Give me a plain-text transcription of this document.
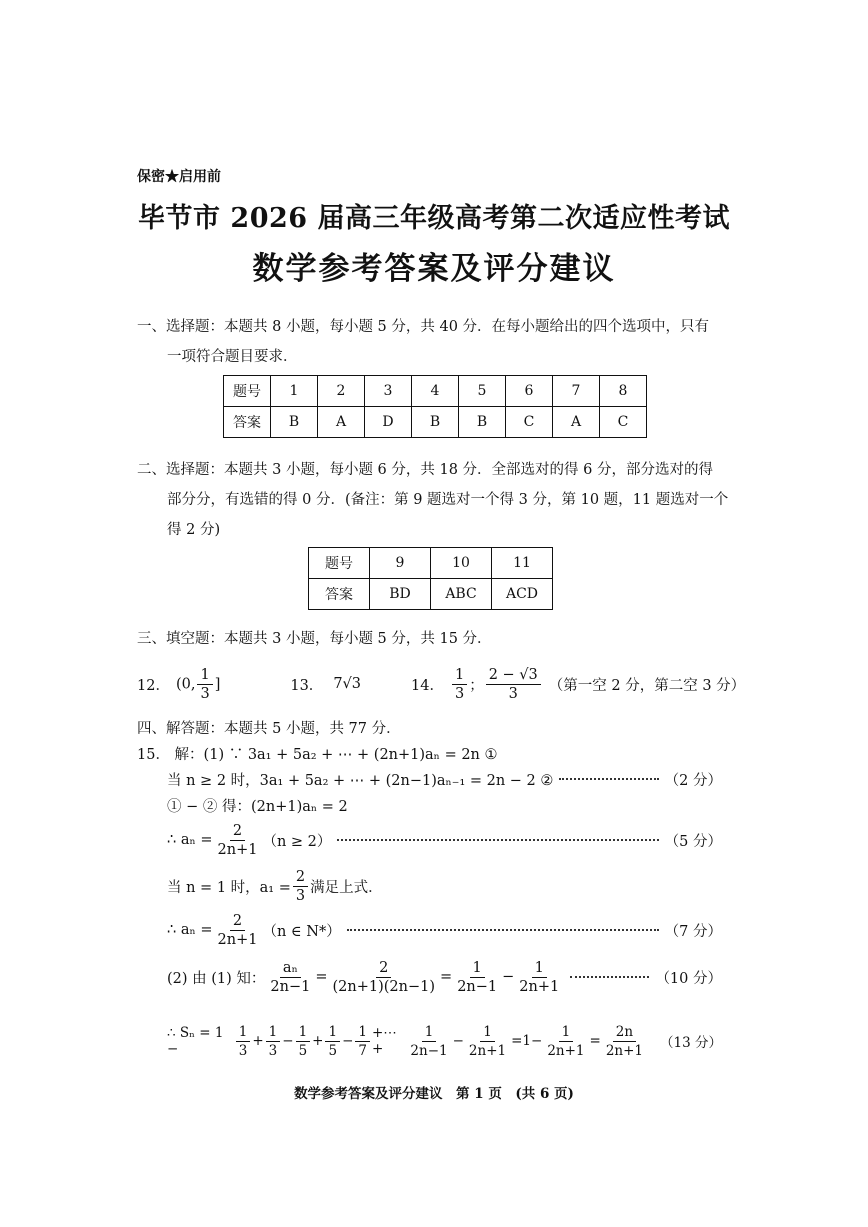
保密★启用前
毕节市 2026 届高三年级高考第二次适应性考试
数学参考答案及评分建议
一、选择题：本题共 8 小题，每小题 5 分，共 40 分．在每小题给出的四个选项中，只有
一项符合题目要求．
题号	1	2	3	4	5	6	7	8
答案	B	A	D	B	B	C	A	C
二、选择题：本题共 3 小题，每小题 6 分，共 18 分．全部选对的得 6 分，部分选对的得
部分分，有选错的得 0 分．(备注：第 9 题选对一个得 3 分，第 10 题，11 题选对一个
得 2 分)
题号	9	10	11
答案	BD	ABC	ACD
三、填空题：本题共 3 小题，每小题 5 分，共 15 分．
12． (0, $\frac{1}{3}$ ]	13． 7√3	14． $\frac{1}{3}$ ； $\frac{2 - √3}{3}$ （第一空 2 分，第二空 3 分）
四、解答题：本题共 5 小题，共 77 分．
15． 解：(1) ∵ 3a₁ + 5a₂ + ⋯ + (2n+1)aₙ = 2n ①
当 n ≥ 2 时，3a₁ + 5a₂ + ⋯ + (2n−1)aₙ₋₁ = 2n − 2 ②	（2 分）
① − ② 得：(2n+1)aₙ = 2
∴ $a_n = \frac{2}{2n+1} (n \ge 2)$	（5 分）
当 n = 1 时，$a_1 = \frac{2}{3}$ 满足上式．
∴ $a_n = \frac{2}{2n+1} (n$ ∈ N*）	（7 分）
(2) 由 (1) 知： $\frac{\text{aₙ}}{2n-1} = \frac{2}{(2n+1)(2n-1)} = \frac{1}{2n-1} - \frac{1}{2n+1}$	（10 分）
∴ Sₙ = 1 −	$\frac{1}{3} + \frac{1}{3} - \frac{1}{5} + \frac{1}{5} - \frac{1}{7}$ +⋯+	$\frac{1}{2n-1} - \frac{1}{2n+1} =1- \frac{1}{2n+1} = \frac{2n}{2n+1} (13$ 分）
数学参考答案及评分建议　第 1 页　(共 6 页)
